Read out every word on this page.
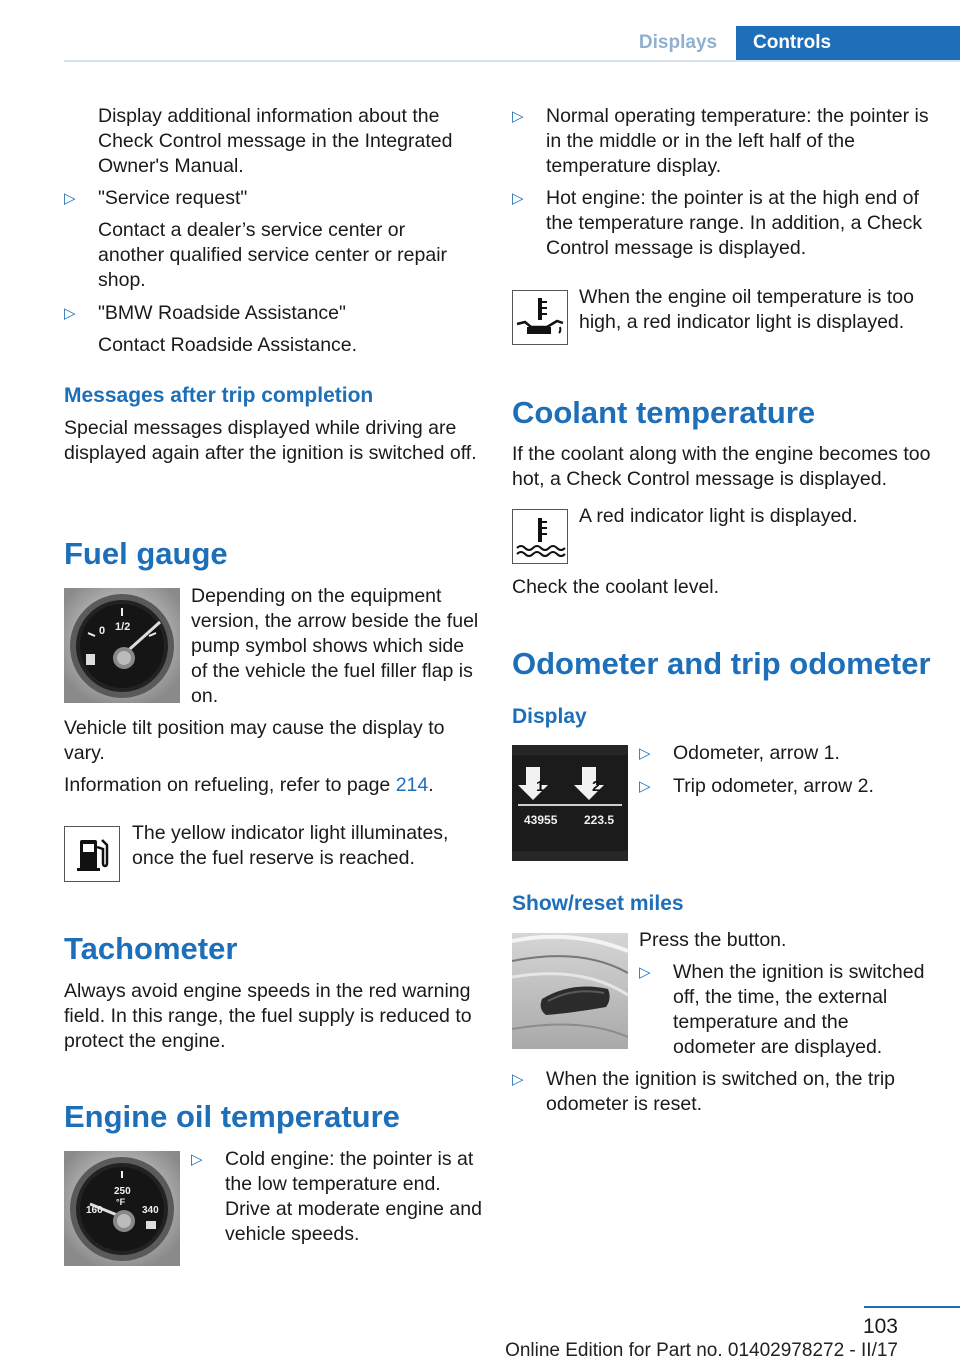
Displays	Controls
Display additional information about the Check Control message in the Integrated Owner's Manual.
▷ "Service request"
Contact a dealer’s service center or another qualified service center or repair shop.
▷ "BMW Roadside Assistance"
Contact Roadside Assistance.
Messages after trip completion
Special messages displayed while driving are displayed again after the ignition is switched off.
Fuel gauge
0 1/2
Depending on the equipment version, the arrow beside the fuel pump symbol shows which side of the vehicle the fuel filler flap is on.
Vehicle tilt position may cause the display to vary.
Information on refueling, refer to page 214.
The yellow indicator light illuminates, once the fuel reserve is reached.
Tachometer
Always avoid engine speeds in the red warning field. In this range, the fuel supply is reduced to protect the engine.
Engine oil temperature
250
°F
160	340
▷ Cold engine: the pointer is at the low temperature end. Drive at moderate engine and vehicle speeds.
▷ Normal operating temperature: the pointer is in the middle or in the left half of the temperature display.
▷ Hot engine: the pointer is at the high end of the temperature range. In addition, a Check Control message is displayed.
When the engine oil temperature is too high, a red indicator light is displayed.
Coolant temperature
If the coolant along with the engine becomes too hot, a Check Control message is displayed.
A red indicator light is displayed.
Check the coolant level.
Odometer and trip odometer
Display
1	2
43955 223.5
▷ Odometer, arrow 1.
▷ Trip odometer, arrow 2.
Show/reset miles
Press the button.
▷ When the ignition is switched off, the time, the external temperature and the odometer are displayed.
▷ When the ignition is switched on, the trip odometer is reset.
103
Online Edition for Part no. 01402978272 - II/17
